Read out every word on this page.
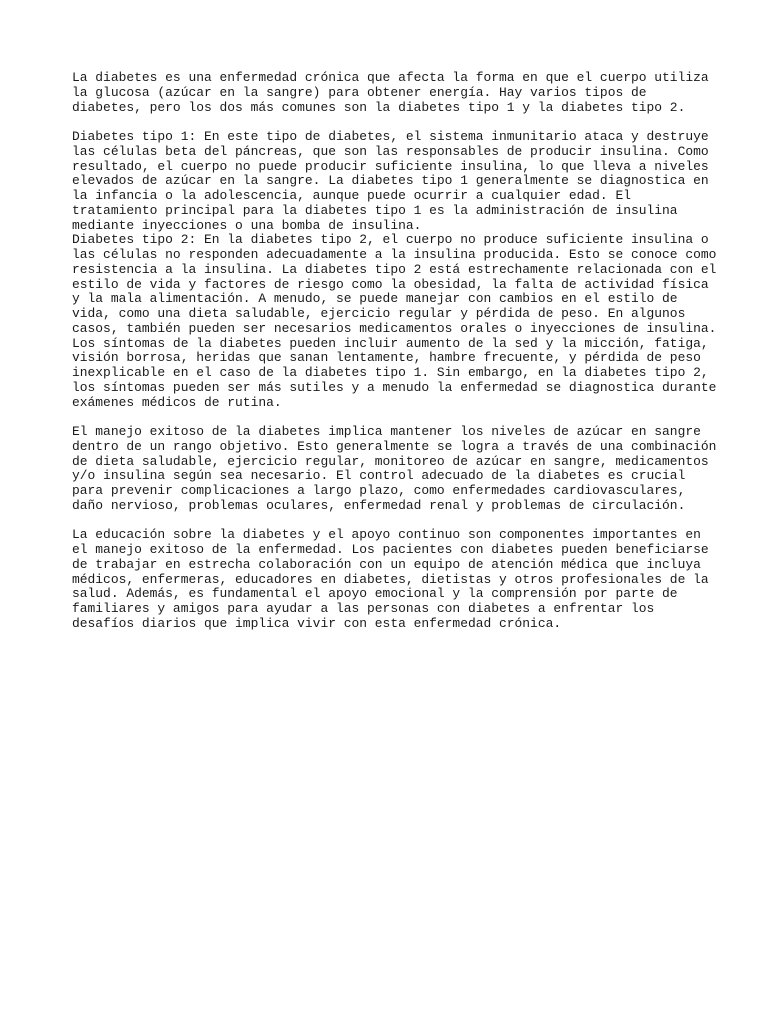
La diabetes es una enfermedad crónica que afecta la forma en que el cuerpo utiliza
la glucosa (azúcar en la sangre) para obtener energía. Hay varios tipos de
diabetes, pero los dos más comunes son la diabetes tipo 1 y la diabetes tipo 2.
Diabetes tipo 1: En este tipo de diabetes, el sistema inmunitario ataca y destruye
las células beta del páncreas, que son las responsables de producir insulina. Como
resultado, el cuerpo no puede producir suficiente insulina, lo que lleva a niveles
elevados de azúcar en la sangre. La diabetes tipo 1 generalmente se diagnostica en
la infancia o la adolescencia, aunque puede ocurrir a cualquier edad. El
tratamiento principal para la diabetes tipo 1 es la administración de insulina
mediante inyecciones o una bomba de insulina.
Diabetes tipo 2: En la diabetes tipo 2, el cuerpo no produce suficiente insulina o
las células no responden adecuadamente a la insulina producida. Esto se conoce como
resistencia a la insulina. La diabetes tipo 2 está estrechamente relacionada con el
estilo de vida y factores de riesgo como la obesidad, la falta de actividad física
y la mala alimentación. A menudo, se puede manejar con cambios en el estilo de
vida, como una dieta saludable, ejercicio regular y pérdida de peso. En algunos
casos, también pueden ser necesarios medicamentos orales o inyecciones de insulina.
Los síntomas de la diabetes pueden incluir aumento de la sed y la micción, fatiga,
visión borrosa, heridas que sanan lentamente, hambre frecuente, y pérdida de peso
inexplicable en el caso de la diabetes tipo 1. Sin embargo, en la diabetes tipo 2,
los síntomas pueden ser más sutiles y a menudo la enfermedad se diagnostica durante
exámenes médicos de rutina.
El manejo exitoso de la diabetes implica mantener los niveles de azúcar en sangre
dentro de un rango objetivo. Esto generalmente se logra a través de una combinación
de dieta saludable, ejercicio regular, monitoreo de azúcar en sangre, medicamentos
y/o insulina según sea necesario. El control adecuado de la diabetes es crucial
para prevenir complicaciones a largo plazo, como enfermedades cardiovasculares,
daño nervioso, problemas oculares, enfermedad renal y problemas de circulación.
La educación sobre la diabetes y el apoyo continuo son componentes importantes en
el manejo exitoso de la enfermedad. Los pacientes con diabetes pueden beneficiarse
de trabajar en estrecha colaboración con un equipo de atención médica que incluya
médicos, enfermeras, educadores en diabetes, dietistas y otros profesionales de la
salud. Además, es fundamental el apoyo emocional y la comprensión por parte de
familiares y amigos para ayudar a las personas con diabetes a enfrentar los
desafíos diarios que implica vivir con esta enfermedad crónica.
